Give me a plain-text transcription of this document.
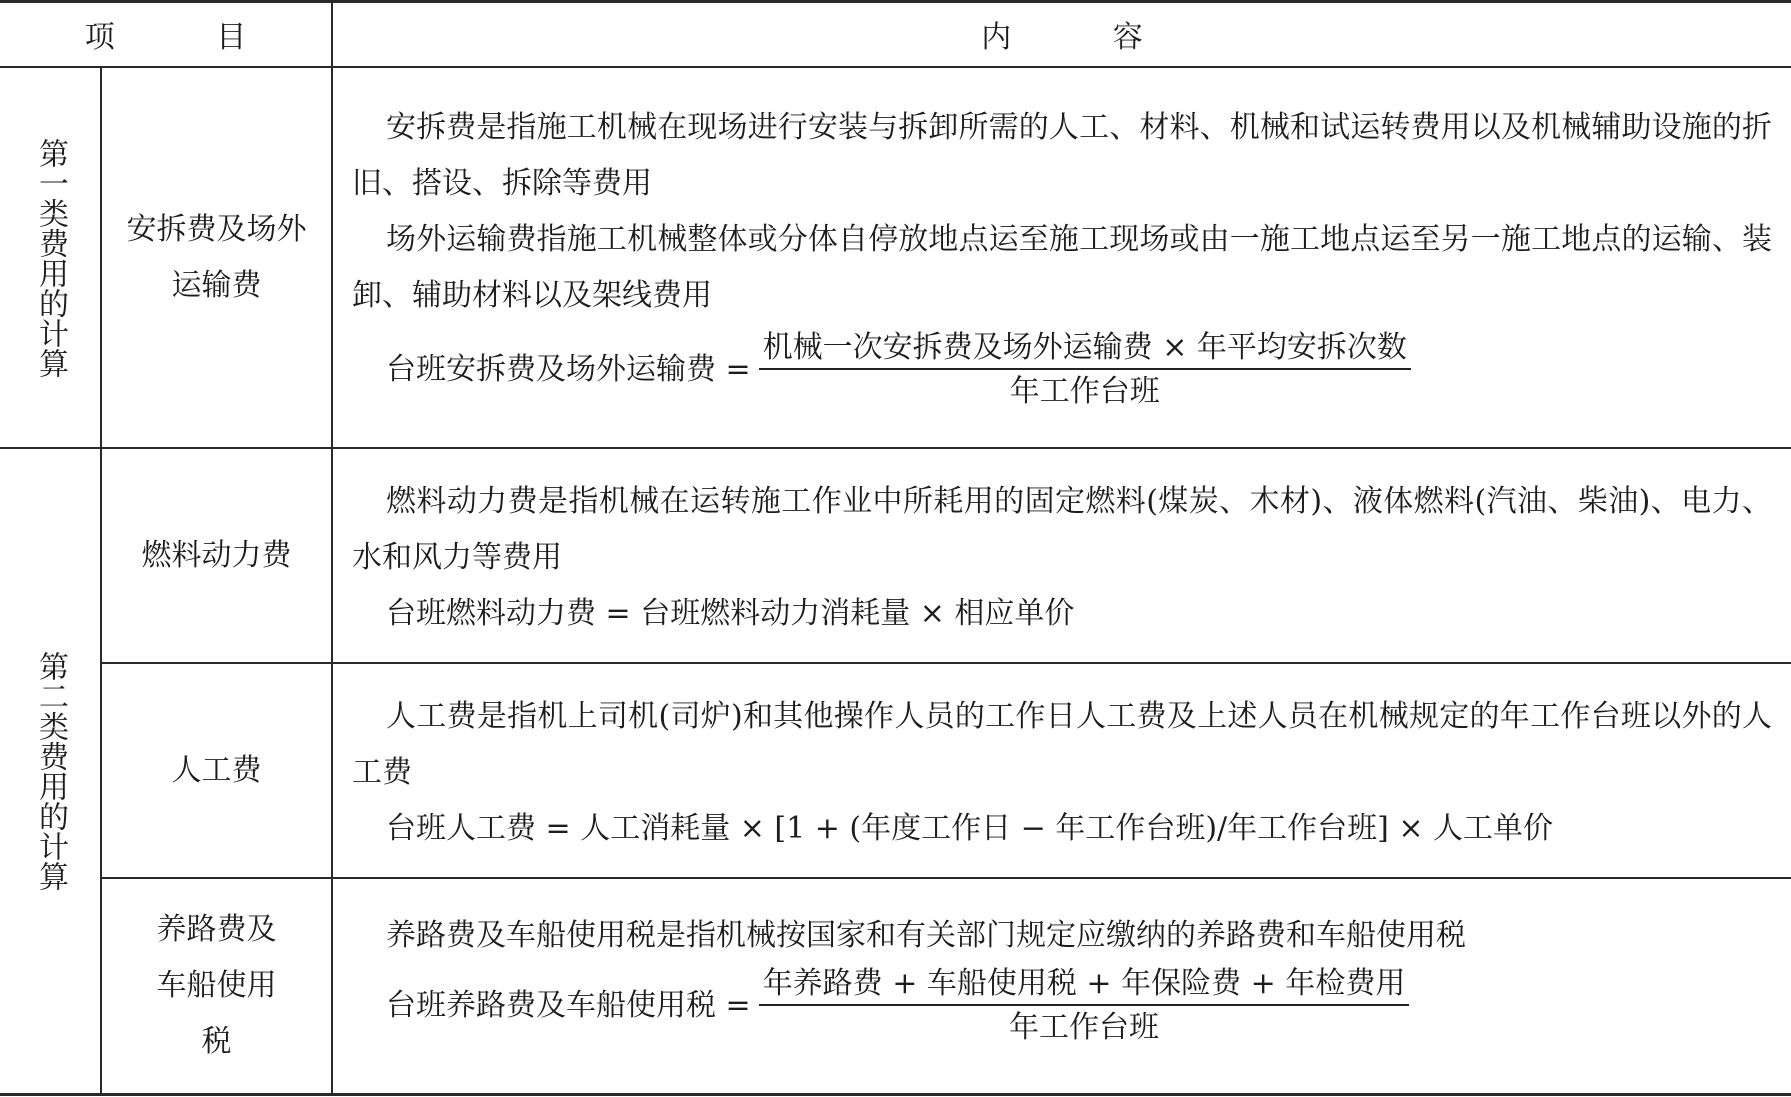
项 目	内 容
第一类费用的计算
第二类费用的计算
安拆费及场外运输费

安拆费是指施工机械在现场进行安装与拆卸所需的人工、材料、机械和试运转费用以及机械辅助设施的折旧、搭设、拆除等费用

场外运输费指施工机械整体或分体自停放地点运至施工现场或由一施工地点运至另一施工地点的运输、装卸、辅助材料以及架线费用

台班安拆费及场外运输费 = $\frac{\text{机械一次安拆费及场外运输费 × 年平均安拆次数}}{\text{年工作台班}}$
燃料动力费

燃料动力费是指机械在运转施工作业中所耗用的固定燃料(煤炭、木材)、液体燃料(汽油、柴油)、电力、水和风力等费用

台班燃料动力费 = 台班燃料动力消耗量 × 相应单价
人工费

人工费是指机上司机(司炉)和其他操作人员的工作日人工费及上述人员在机械规定的年工作台班以外的人工费

台班人工费 = 人工消耗量 × [1 + (年度工作日 − 年工作台班)/年工作台班] × 人工单价
养路费及车船使用税

养路费及车船使用税是指机械按国家和有关部门规定应缴纳的养路费和车船使用税

台班养路费及车船使用税 = $\frac{\text{年养路费 + 车船使用税 + 年保险费 + 年检费用}}{\text{年工作台班}}$
